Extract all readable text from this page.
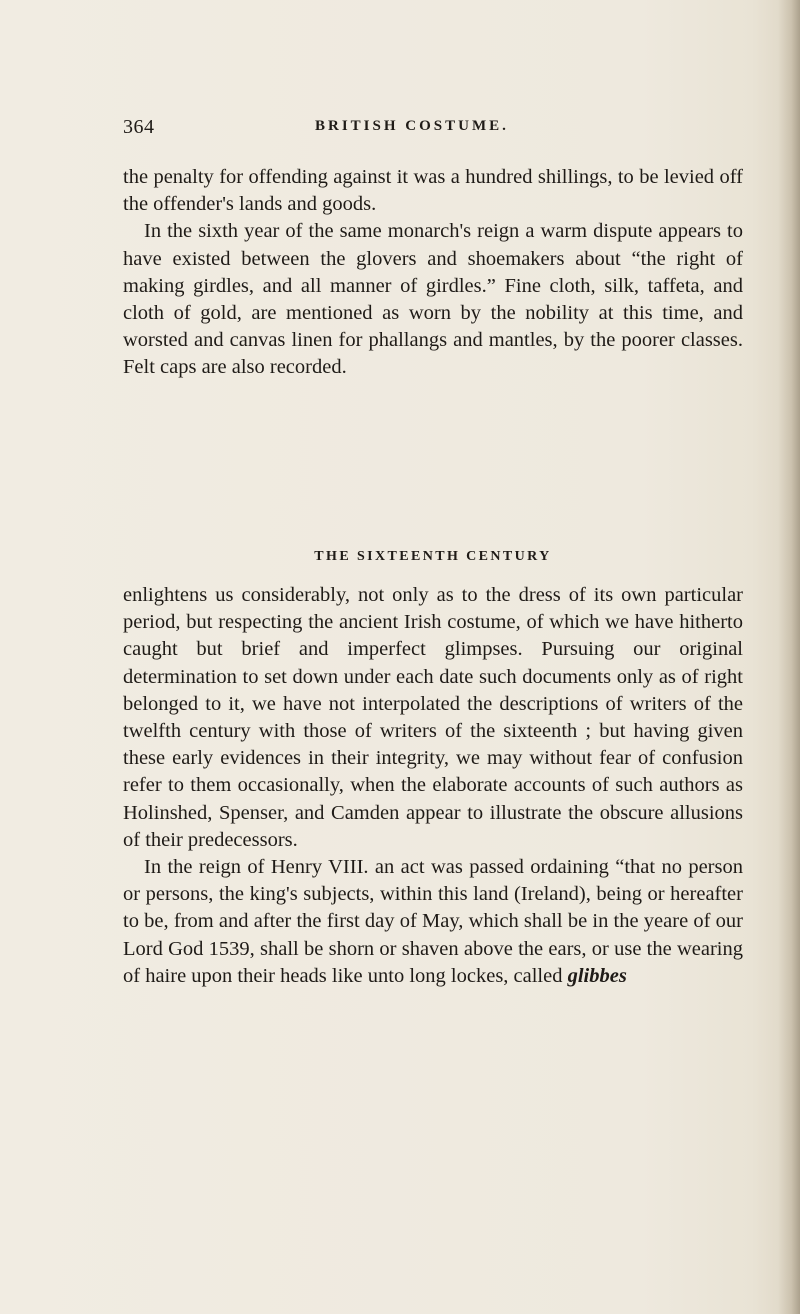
364	BRITISH COSTUME.

the penalty for offending against it was a hundred shillings, to be levied off the offender's lands and goods.

In the sixth year of the same monarch's reign a warm dispute appears to have existed between the glovers and shoemakers about “the right of making girdles, and all manner of girdles.” Fine cloth, silk, taffeta, and cloth of gold, are mentioned as worn by the nobility at this time, and worsted and canvas linen for phallangs and mantles, by the poorer classes. Felt caps are also recorded.

THE SIXTEENTH CENTURY

enlightens us considerably, not only as to the dress of its own particular period, but respecting the ancient Irish costume, of which we have hitherto caught but brief and imperfect glimpses. Pursuing our original determination to set down under each date such documents only as of right belonged to it, we have not interpolated the descriptions of writers of the twelfth century with those of writers of the sixteenth ; but having given these early evidences in their integrity, we may without fear of confusion refer to them occasionally, when the elaborate accounts of such authors as Holinshed, Spenser, and Camden appear to illustrate the obscure allusions of their predecessors.

In the reign of Henry VIII. an act was passed ordaining “that no person or persons, the king's subjects, within this land (Ireland), being or hereafter to be, from and after the first day of May, which shall be in the yeare of our Lord God 1539, shall be shorn or shaven above the ears, or use the wearing of haire upon their heads like unto long lockes, called glibbes
